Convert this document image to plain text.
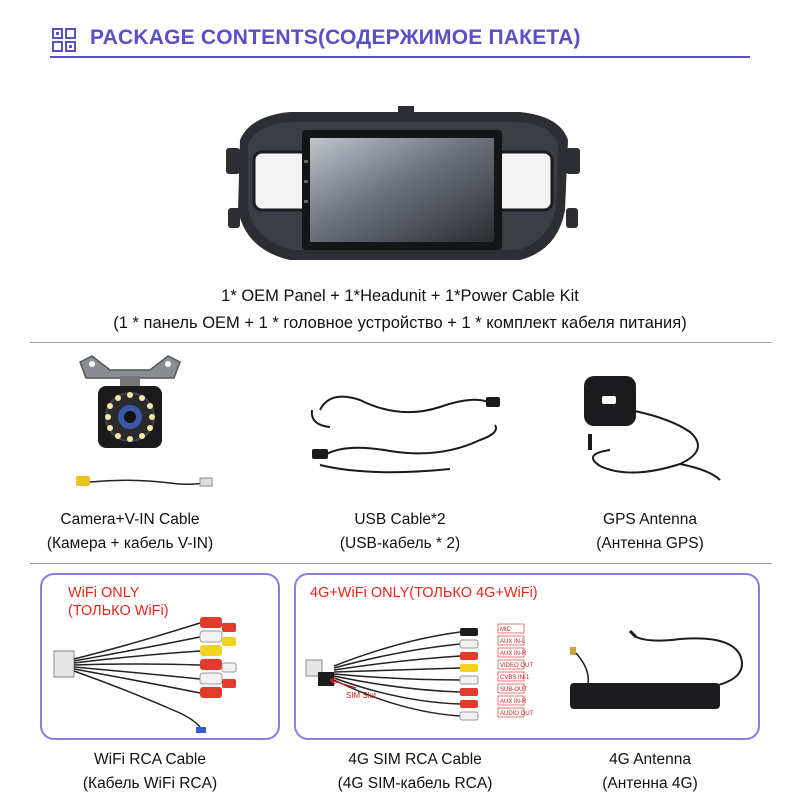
PACKAGE CONTENTS(СОДЕРЖИМОЕ ПАКЕТА)
1* OEM Panel + 1*Headunit + 1*Power Cable Kit
(1 * панель OEM + 1 * головное устройство + 1 * комплект кабеля питания)
Camera+V-IN Cable
(Камера + кабель V-IN)
USB Cable*2
(USB-кабель * 2)
GPS Antenna
(Антенна GPS)
WiFi ONLY
(ТОЛЬКО WiFi)
4G+WiFi ONLY(ТОЛЬКО 4G+WiFi)
MIC
AUX IN-L
AUX IN-R
VIDEO OUT
CVBS IN-1
SUB-OUT
AUX IN-R
AUDIO OUT
SIM Slot
WiFi RCA Cable
(Кабель WiFi RCA)
4G SIM RCA Cable
(4G SIM-кабель RCA)
4G Antenna
(Антенна 4G)
